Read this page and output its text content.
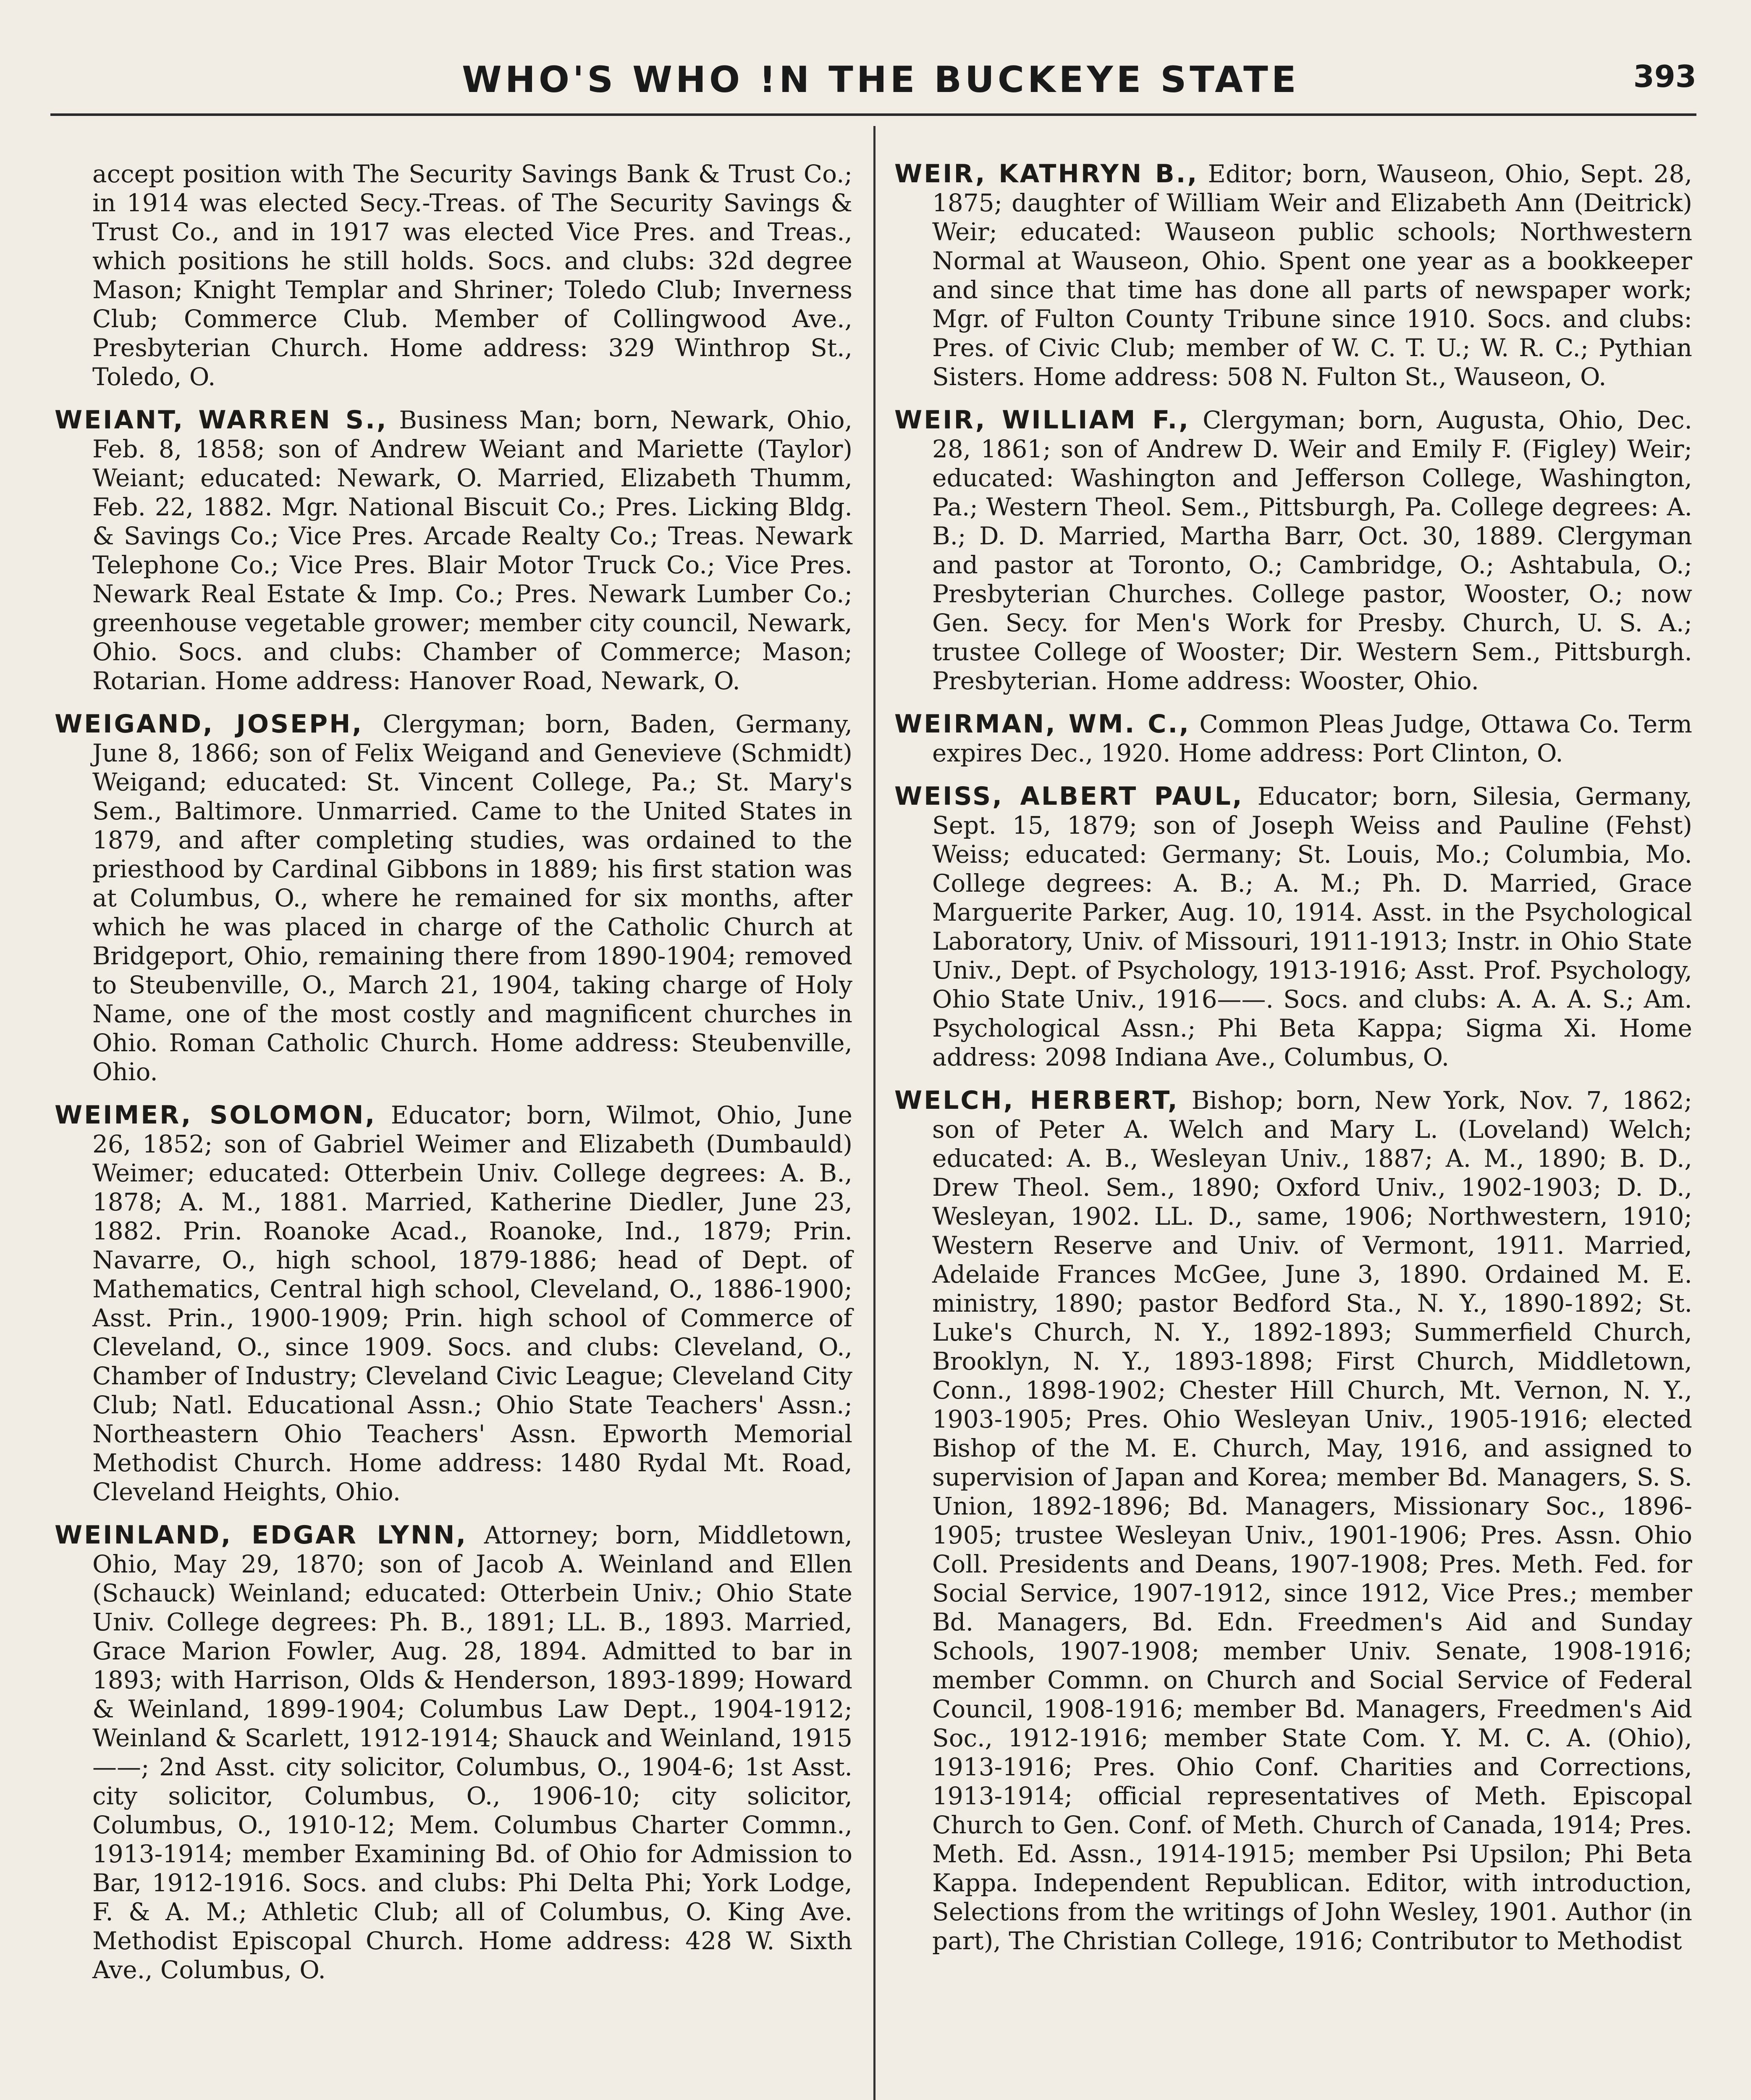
WHO'S WHO !N THE BUCKEYE STATE	393

accept position with The Security Savings Bank & Trust Co.; in 1914 was elected Secy.-Treas. of The Security Savings & Trust Co., and in 1917 was elected Vice Pres. and Treas., which positions he still holds. Socs. and clubs: 32d degree Mason; Knight Templar and Shriner; Toledo Club; Inverness Club; Commerce Club. Member of Collingwood Ave., Presbyterian Church. Home address: 329 Winthrop St., Toledo, O.

WEIANT, WARREN S., Business Man; born, Newark, Ohio, Feb. 8, 1858; son of Andrew Weiant and Mariette (Taylor) Weiant; educated: Newark, O. Married, Elizabeth Thumm, Feb. 22, 1882. Mgr. National Biscuit Co.; Pres. Licking Bldg. & Savings Co.; Vice Pres. Arcade Realty Co.; Treas. Newark Telephone Co.; Vice Pres. Blair Motor Truck Co.; Vice Pres. Newark Real Estate & Imp. Co.; Pres. Newark Lumber Co.; greenhouse vegetable grower; member city council, Newark, Ohio. Socs. and clubs: Chamber of Commerce; Mason; Rotarian. Home address: Hanover Road, Newark, O.

WEIGAND, JOSEPH, Clergyman; born, Baden, Germany, June 8, 1866; son of Felix Weigand and Genevieve (Schmidt) Weigand; educated: St. Vincent College, Pa.; St. Mary's Sem., Baltimore. Unmarried. Came to the United States in 1879, and after completing studies, was ordained to the priesthood by Cardinal Gibbons in 1889; his first station was at Columbus, O., where he remained for six months, after which he was placed in charge of the Catholic Church at Bridgeport, Ohio, remaining there from 1890-1904; removed to Steubenville, O., March 21, 1904, taking charge of Holy Name, one of the most costly and magnificent churches in Ohio. Roman Catholic Church. Home address: Steubenville, Ohio.

WEIMER, SOLOMON, Educator; born, Wilmot, Ohio, June 26, 1852; son of Gabriel Weimer and Elizabeth (Dumbauld) Weimer; educated: Otterbein Univ. College degrees: A. B., 1878; A. M., 1881. Married, Katherine Diedler, June 23, 1882. Prin. Roanoke Acad., Roanoke, Ind., 1879; Prin. Navarre, O., high school, 1879-1886; head of Dept. of Mathematics, Central high school, Cleveland, O., 1886-1900; Asst. Prin., 1900-1909; Prin. high school of Commerce of Cleveland, O., since 1909. Socs. and clubs: Cleveland, O., Chamber of Industry; Cleveland Civic League; Cleveland City Club; Natl. Educational Assn.; Ohio State Teachers' Assn.; Northeastern Ohio Teachers' Assn. Epworth Memorial Methodist Church. Home address: 1480 Rydal Mt. Road, Cleveland Heights, Ohio.

WEINLAND, EDGAR LYNN, Attorney; born, Middletown, Ohio, May 29, 1870; son of Jacob A. Weinland and Ellen (Schauck) Weinland; educated: Otterbein Univ.; Ohio State Univ. College degrees: Ph. B., 1891; LL. B., 1893. Married, Grace Marion Fowler, Aug. 28, 1894. Admitted to bar in 1893; with Harrison, Olds & Henderson, 1893-1899; Howard & Weinland, 1899-1904; Columbus Law Dept., 1904-1912; Weinland & Scarlett, 1912-1914; Shauck and Weinland, 1915——; 2nd Asst. city solicitor, Columbus, O., 1904-6; 1st Asst. city solicitor, Columbus, O., 1906-10; city solicitor, Columbus, O., 1910-12; Mem. Columbus Charter Commn., 1913-1914; member Examining Bd. of Ohio for Admission to Bar, 1912-1916. Socs. and clubs: Phi Delta Phi; York Lodge, F. & A. M.; Athletic Club; all of Columbus, O. King Ave. Methodist Episcopal Church. Home address: 428 W. Sixth Ave., Columbus, O.

WEIR, KATHRYN B., Editor; born, Wauseon, Ohio, Sept. 28, 1875; daughter of William Weir and Elizabeth Ann (Deitrick) Weir; educated: Wauseon public schools; Northwestern Normal at Wauseon, Ohio. Spent one year as a bookkeeper and since that time has done all parts of newspaper work; Mgr. of Fulton County Tribune since 1910. Socs. and clubs: Pres. of Civic Club; member of W. C. T. U.; W. R. C.; Pythian Sisters. Home address: 508 N. Fulton St., Wauseon, O.

WEIR, WILLIAM F., Clergyman; born, Augusta, Ohio, Dec. 28, 1861; son of Andrew D. Weir and Emily F. (Figley) Weir; educated: Washington and Jefferson College, Washington, Pa.; Western Theol. Sem., Pittsburgh, Pa. College degrees: A. B.; D. D. Married, Martha Barr, Oct. 30, 1889. Clergyman and pastor at Toronto, O.; Cambridge, O.; Ashtabula, O.; Presbyterian Churches. College pastor, Wooster, O.; now Gen. Secy. for Men's Work for Presby. Church, U. S. A.; trustee College of Wooster; Dir. Western Sem., Pittsburgh. Presbyterian. Home address: Wooster, Ohio.

WEIRMAN, WM. C., Common Pleas Judge, Ottawa Co. Term expires Dec., 1920. Home address: Port Clinton, O.

WEISS, ALBERT PAUL, Educator; born, Silesia, Germany, Sept. 15, 1879; son of Joseph Weiss and Pauline (Fehst) Weiss; educated: Germany; St. Louis, Mo.; Columbia, Mo. College degrees: A. B.; A. M.; Ph. D. Married, Grace Marguerite Parker, Aug. 10, 1914. Asst. in the Psychological Laboratory, Univ. of Missouri, 1911-1913; Instr. in Ohio State Univ., Dept. of Psychology, 1913-1916; Asst. Prof. Psychology, Ohio State Univ., 1916——. Socs. and clubs: A. A. A. S.; Am. Psychological Assn.; Phi Beta Kappa; Sigma Xi. Home address: 2098 Indiana Ave., Columbus, O.

WELCH, HERBERT, Bishop; born, New York, Nov. 7, 1862; son of Peter A. Welch and Mary L. (Loveland) Welch; educated: A. B., Wesleyan Univ., 1887; A. M., 1890; B. D., Drew Theol. Sem., 1890; Oxford Univ., 1902-1903; D. D., Wesleyan, 1902. LL. D., same, 1906; Northwestern, 1910; Western Reserve and Univ. of Vermont, 1911. Married, Adelaide Frances McGee, June 3, 1890. Ordained M. E. ministry, 1890; pastor Bedford Sta., N. Y., 1890-1892; St. Luke's Church, N. Y., 1892-1893; Summerfield Church, Brooklyn, N. Y., 1893-1898; First Church, Middletown, Conn., 1898-1902; Chester Hill Church, Mt. Vernon, N. Y., 1903-1905; Pres. Ohio Wesleyan Univ., 1905-1916; elected Bishop of the M. E. Church, May, 1916, and assigned to supervision of Japan and Korea; member Bd. Managers, S. S. Union, 1892-1896; Bd. Managers, Missionary Soc., 1896-1905; trustee Wesleyan Univ., 1901-1906; Pres. Assn. Ohio Coll. Presidents and Deans, 1907-1908; Pres. Meth. Fed. for Social Service, 1907-1912, since 1912, Vice Pres.; member Bd. Managers, Bd. Edn. Freedmen's Aid and Sunday Schools, 1907-1908; member Univ. Senate, 1908-1916; member Commn. on Church and Social Service of Federal Council, 1908-1916; member Bd. Managers, Freedmen's Aid Soc., 1912-1916; member State Com. Y. M. C. A. (Ohio), 1913-1916; Pres. Ohio Conf. Charities and Corrections, 1913-1914; official representatives of Meth. Episcopal Church to Gen. Conf. of Meth. Church of Canada, 1914; Pres. Meth. Ed. Assn., 1914-1915; member Psi Upsilon; Phi Beta Kappa. Independent Republican. Editor, with introduction, Selections from the writings of John Wesley, 1901. Author (in part), The Christian College, 1916; Contributor to Methodist
